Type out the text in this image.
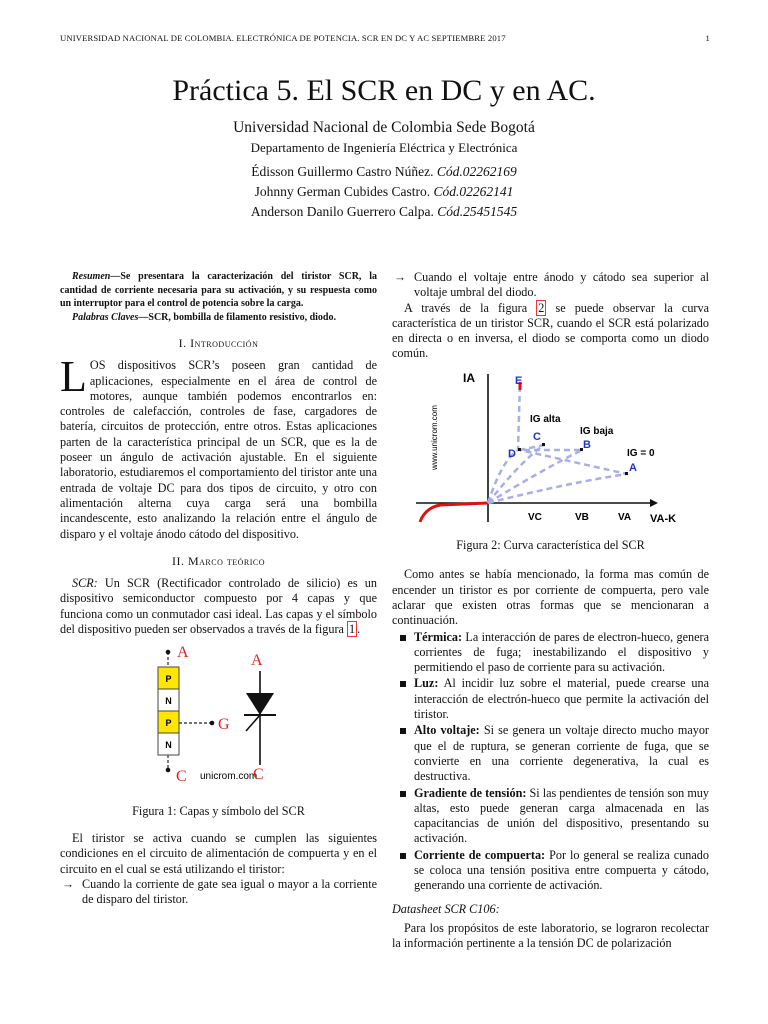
UNIVERSIDAD NACIONAL DE COLOMBIA. ELECTRÓNICA DE POTENCIA. SCR EN DC Y AC SEPTIEMBRE 2017	1
Práctica 5. El SCR en DC y en AC.
Universidad Nacional de Colombia Sede Bogotá
Departamento de Ingeniería Eléctrica y Electrónica
Édisson Guillermo Castro Núñez. Cód.02262169
Johnny German Cubides Castro. Cód.02262141
Anderson Danilo Guerrero Calpa. Cód.25451545
Resumen—Se presentara la caracterización del tiristor SCR, la cantidad de corriente necesaria para su activación, y su respuesta como un interruptor para el control de potencia sobre la carga.
Palabras Claves—SCR, bombilla de filamento resistivo, diodo.
I. Introducción

LOS dispositivos SCR’s poseen gran cantidad de aplicaciones, especialmente en el área de control de motores, aunque también podemos encontrarlos en: controles de calefacción, controles de fase, cargadores de batería, circuitos de protección, entre otros. Estas aplicaciones parten de la característica principal de un SCR, que es la de poseer un ángulo de activación ajustable. En el siguiente laboratorio, estudiaremos el comportamiento del tiristor ante una entrada de voltaje DC para dos tipos de circuito, y otro con alimentación alterna cuya carga será una bombilla incandescente, esto analizando la relación entre el ángulo de disparo y el voltaje ánodo cátodo del dispositivo.

II. Marco teórico

SCR: Un SCR (Rectificador controlado de silicio) es un dispositivo semiconductor compuesto por 4 capas y que funciona como un conmutador casi ideal. Las capas y el símbolo del dispositivo pueden ser observados a través de la figura 1 .

A
P
N
P
N
G
C unicrom.com
A
C
Figura 1: Capas y símbolo del SCR

El tiristor se activa cuando se cumplen las siguientes condiciones en el circuito de alimentación de compuerta y en el circuito en el cual se está utilizando el tiristor:

→ Cuando la corriente de gate sea igual o mayor a la corriente de disparo del tiristor.
→ Cuando el voltaje entre ánodo y cátodo sea superior al voltaje umbral del diodo.

A través de la figura 2 se puede observar la curva característica de un tiristor SCR, cuando el SCR está polarizado en directa o en inversa, el diodo se comporta como un diodo común.

IA
www.unicrom.com
E
C
D
B
A
IG alta
IG baja
IG = 0
VC	VB	VA VA-K
Figura 2: Curva característica del SCR

Como antes se había mencionado, la forma mas común de encender un tiristor es por corriente de compuerta, pero vale aclarar que existen otras formas que se mencionaran a continuación.

Térmica: La interacción de pares de electron-hueco, genera corrientes de fuga; inestabilizando el dispositivo y permitiendo el paso de corriente para su activación.
Luz: Al incidir luz sobre el material, puede crearse una interacción de electrón-hueco que permite la activación del tiristor.
Alto voltaje: Si se genera un voltaje directo mucho mayor que el de ruptura, se generan corriente de fuga, que se convierte en una corriente degenerativa, la cual es destructiva.
Gradiente de tensión: Si las pendientes de tensión son muy altas, esto puede generan carga almacenada en las capacitancias de unión del dispositivo, presentando su activación.
Corriente de compuerta: Por lo general se realiza cunado se coloca una tensión positiva entre compuerta y cátodo, generando una corriente de activación.

Datasheet SCR C106:

Para los propósitos de este laboratorio, se lograron recolectar la información pertinente a la tensión DC de polarización
